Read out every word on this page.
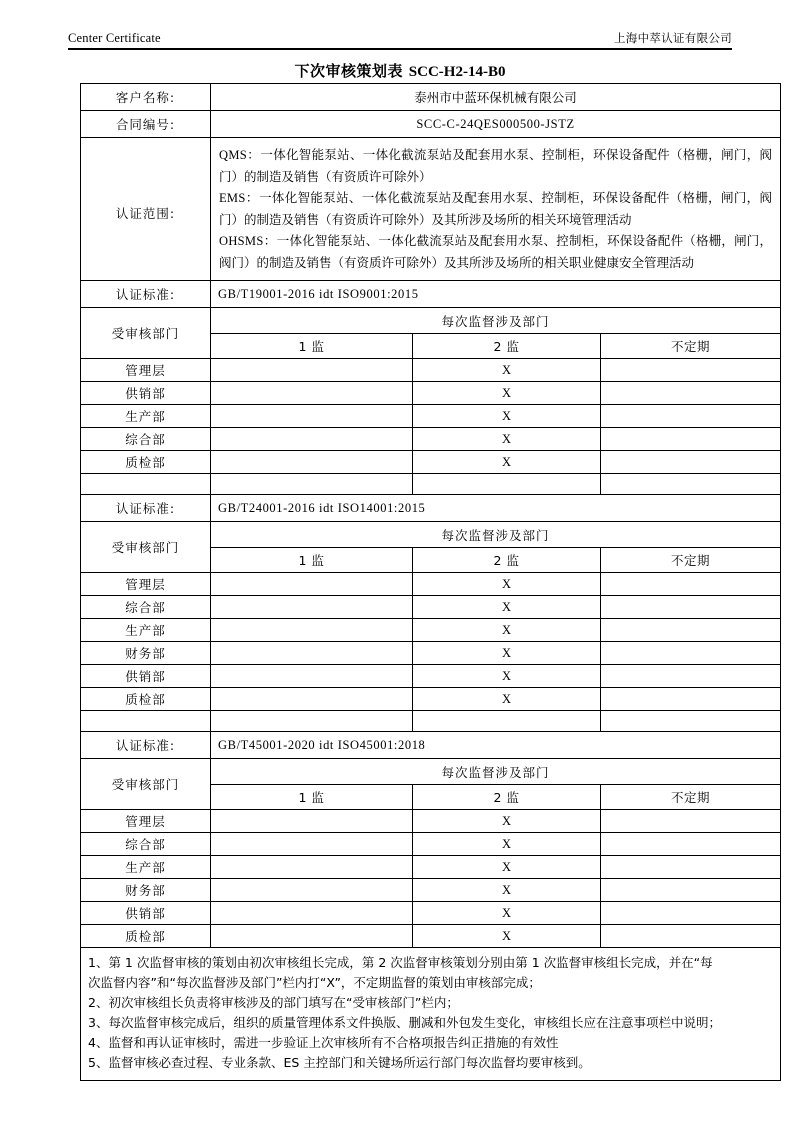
Center Certificate	上海中萃认证有限公司
下次审核策划表 SCC-H2-14-B0
客户名称:	泰州市中蓝环保机械有限公司		
合同编号:	SCC-C-24QES000500-JSTZ		
认证范围:	QMS：一体化智能泵站、一体化截流泵站及配套用水泵、控制柜，环保设备配件（格栅，闸门，阀门）的制造及销售（有资质许可除外）

EMS：一体化智能泵站、一体化截流泵站及配套用水泵、控制柜，环保设备配件（格栅，闸门，阀门）的制造及销售（有资质许可除外）及其所涉及场所的相关环境管理活动

OHSMS：一体化智能泵站、一体化截流泵站及配套用水泵、控制柜，环保设备配件（格栅，闸门，阀门）的制造及销售（有资质许可除外）及其所涉及场所的相关职业健康安全管理活动		

认证标准:	GB/T19001-2016 idt ISO9001:2015		
受审核部门	每次监督涉及部门		
	1 监	2 监	不定期
管理层		X	
供销部		X	
生产部		X	
综合部		X	
质检部		X	

认证标准:	GB/T24001-2016 idt ISO14001:2015		
受审核部门	每次监督涉及部门		
	1 监	2 监	不定期
管理层		X	
综合部		X	
生产部		X	
财务部		X	
供销部		X	
质检部		X	

认证标准:	GB/T45001-2020 idt ISO45001:2018		
受审核部门	每次监督涉及部门		
	1 监	2 监	不定期
管理层		X	
综合部		X	
生产部		X	
财务部		X	
供销部		X	
质检部		X	

1、第 1 次监督审核的策划由初次审核组长完成，第 2 次监督审核策划分别由第 1 次监督审核组长完成，并在“每

次监督内容”和“每次监督涉及部门”栏内打“X”，不定期监督的策划由审核部完成；

2、初次审核组长负责将审核涉及的部门填写在“受审核部门”栏内；

3、每次监督审核完成后，组织的质量管理体系文件换版、删减和外包发生变化，审核组长应在注意事项栏中说明；

4、监督和再认证审核时，需进一步验证上次审核所有不合格项报告纠正措施的有效性

5、监督审核必查过程、专业条款、ES 主控部门和关键场所运行部门每次监督均要审核到。
